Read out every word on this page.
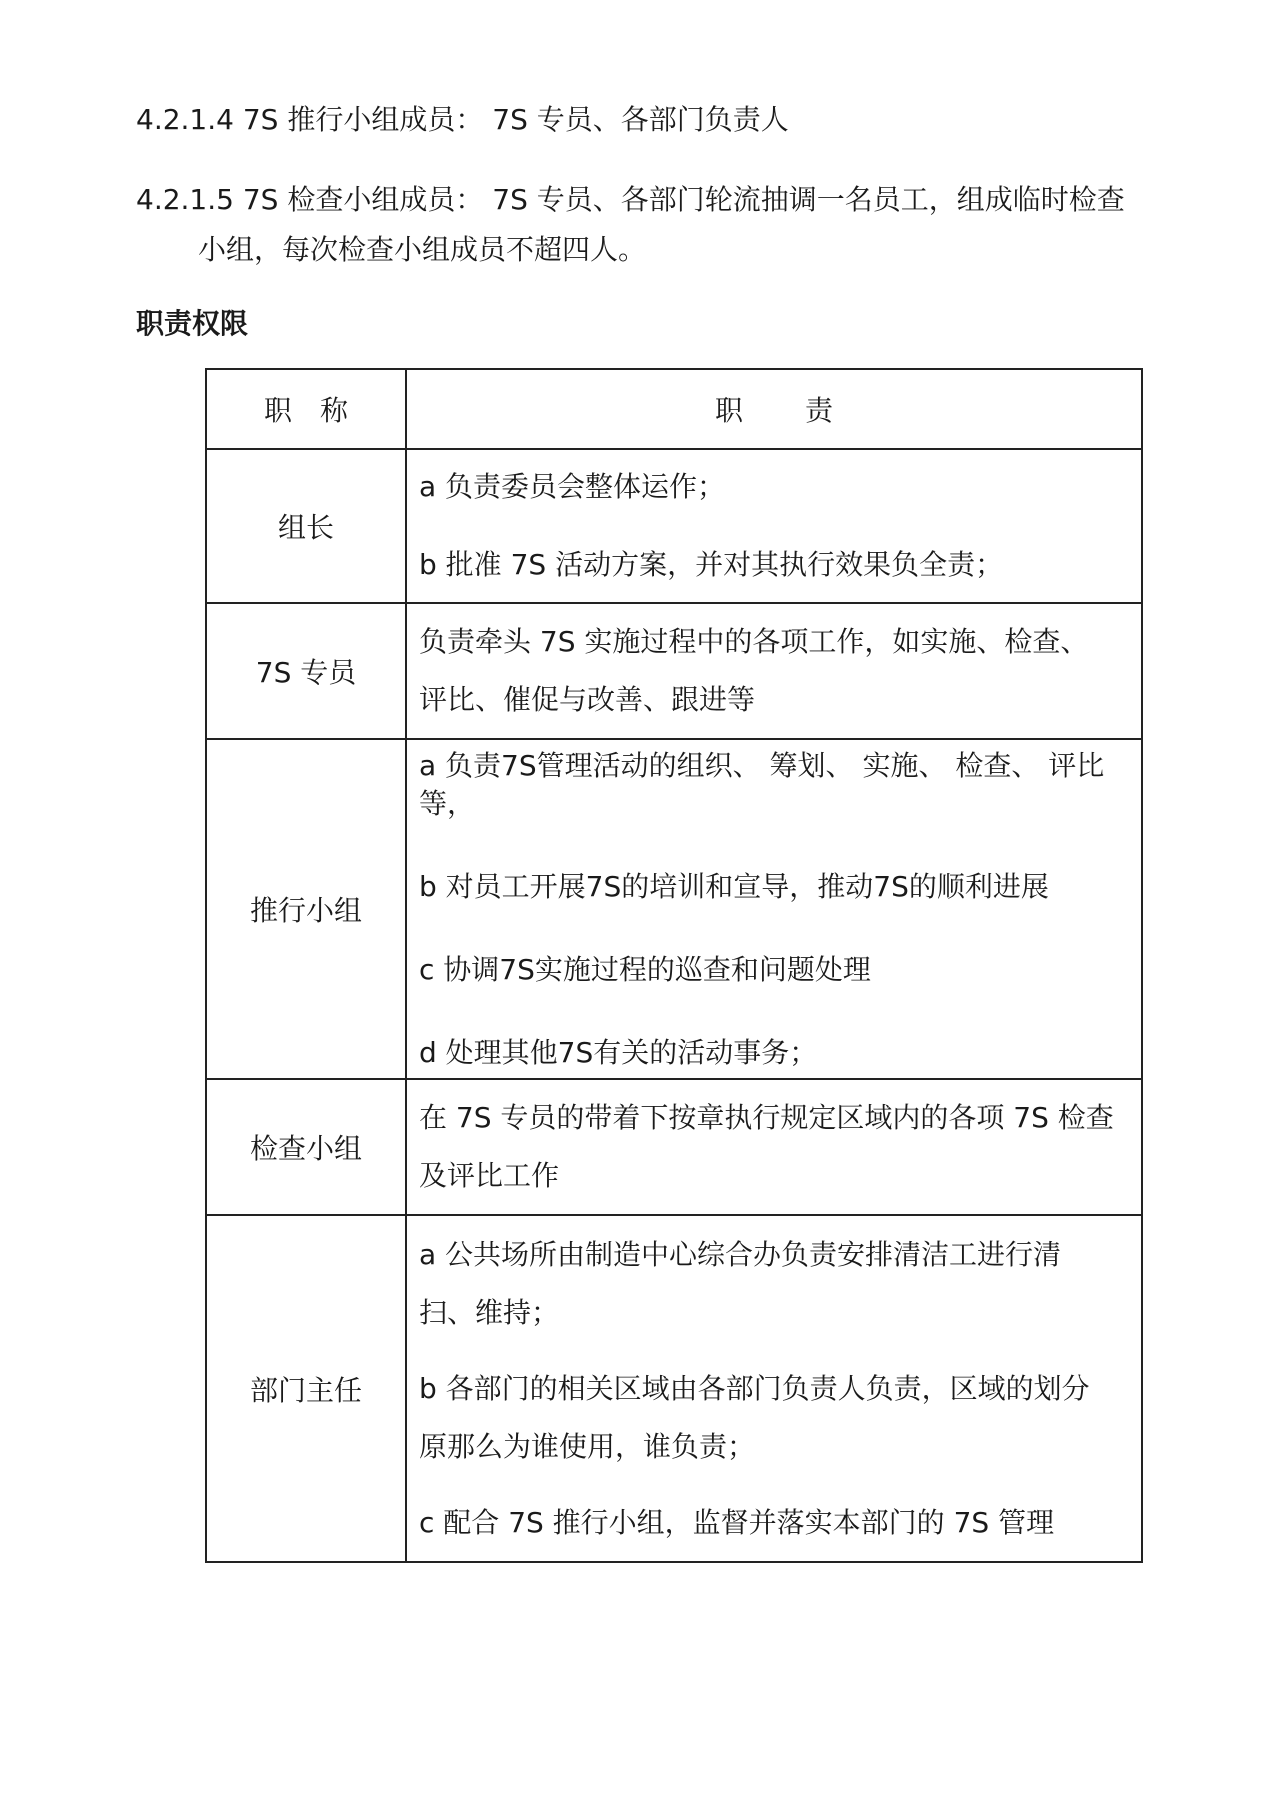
4.2.1.4 7S 推行小组成员： 7S 专员、各部门负责人

4.2.1.5 7S 检查小组成员： 7S 专员、各部门轮流抽调一名员工，组成临时检查
小组，每次检查小组成员不超四人。
职责权限
职 称	职 责
组长	a 负责委员会整体运作；
b 批准 7S 活动方案，并对其执行效果负全责；

7S 专员	负责牵头 7S 实施过程中的各项工作，如实施、检查、
评比、催促与改善、跟进等

推行小组	a 负责7S管理活动的组织、 筹划、 实施、 检查、 评比等，
b 对员工开展7S的培训和宣导，推动7S的顺利进展
c 协调7S实施过程的巡查和问题处理
d 处理其他7S有关的活动事务；

检查小组	在 7S 专员的带着下按章执行规定区域内的各项 7S 检查
及评比工作

部门主任	a 公共场所由制造中心综合办负责安排清洁工进行清
扫、维持；
b 各部门的相关区域由各部门负责人负责，区域的划分
原那么为谁使用，谁负责；
c 配合 7S 推行小组，监督并落实本部门的 7S 管理
